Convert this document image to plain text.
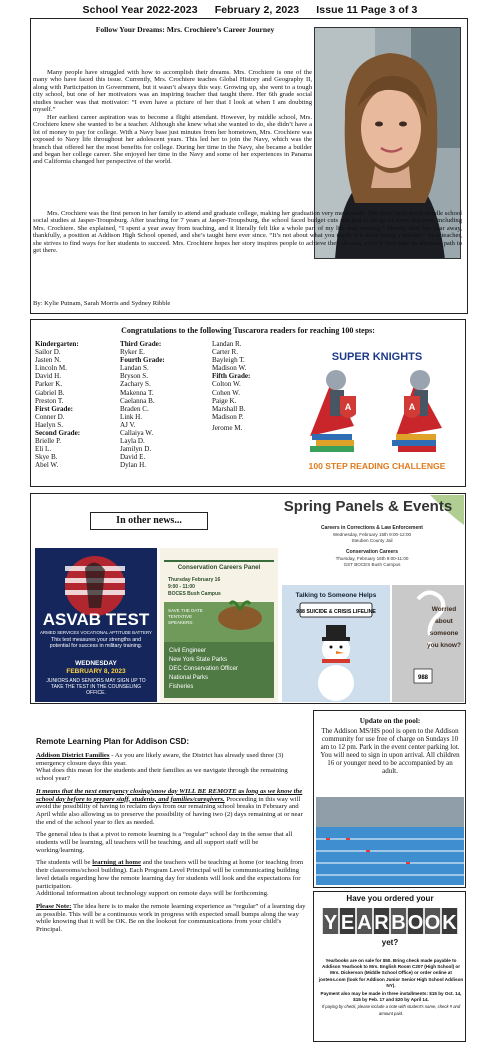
School Year 2022-2023 February 2, 2023 Issue 11 Page 3 of 3
Follow Your Dreams: Mrs. Crochiere’s Career Journey

Many people have struggled with how to accomplish their dreams. Mrs. Crochiere is one of the many who have faced this issue. Currently, Mrs. Crochiere teaches Global History and Geography II, along with Participation in Government, but it wasn’t always this way. Growing up, she went to a tough city school, but one of her motivators was an inspiring teacher that taught there. Her 6th grade social studies teacher was that motivator: “I even have a picture of her that I look at when I am doubting myself.”

Her earliest career aspiration was to become a flight attendant. However, by middle school, Mrs. Crochiere knew she wanted to be a teacher. Although she knew what she wanted to do, she didn’t have a lot of money to pay for college. With a Navy base just minutes from her hometown, Mrs. Crochiere was exposed to Navy life throughout her adolescent years. This led her to join the Navy, which was the branch that offered her the most benefits for college. During her time in the Navy, she became a builder and began her college career. She enjoyed her time in the Navy and some of her experiences in Panama and California changed her perspective of the world.

Mrs. Crochiere was the first person in her family to attend and graduate college, making her graduation very memorable. She went on to teach middle school social studies at Jasper-Troupsburg. After teaching for 7 years at Jasper-Troupsburg, the school faced budget cuts and had to let go of some teachers, including Mrs. Crochiere. She explained, “I spent a year away from teaching, and it literally felt like a whole part of my life was missing.” Shortly after her year away, thankfully, a position at Addison High School opened, and she’s taught here ever since. “It’s not about what you teach; it’s about being a teacher.” As a teacher, she strives to find ways for her students to succeed. Mrs. Crochiere hopes her story inspires people to achieve their dreams, even if they take an alternate path to get there.

By: Kylie Putnam, Sarah Morris and Sydney Ribble
Congratulations to the following Tuscarora readers for reaching 100 steps:
Kindergarten:
Sailor D.
Jasten N.
Lincoln M.
David H.
Parker K.
Gabriel B.
Preston T.
First Grade:
Conner D.
Haelyn S.
Second Grade:
Brielle P.
Eli L.
Skye B.
Abel W.
Third Grade:
Ryker E.
Fourth Grade:
Landan S.
Bryson S.
Zachary S.
Makenna T.
Caelanna B.
Braden C.
Link H.
AJ V.
Callaiya W.
Layla D.
Jamilyn D.
David E.
Dylan H.
Landan R.
Carter R.
Bayleigh T.
Madison W.
Fifth Grade:
Colton W.
Cohen W.
Paige K.
Marshall B.
Madison P.
Jerome M.
SUPER KNIGHTS
A	A
100 STEP READING CHALLENGE
In other news...
ASVAB TEST
ARMED SERVICES VOCATIONAL APTITUDE BATTERY
This test measures your strengths and potential for success in military training.
WEDNESDAY
FEBRUARY 8, 2023
JUNIORS AND SENIORS MAY SIGN UP TO TAKE THE TEST IN THE COUNSELING OFFICE.
Conservation Careers Panel
Thursday February 16
9:00 - 11:00
BOCES Bush Campus
SAVE THE DATE TENTATIVE SPEAKERS:
Civil Engineer
New York State Parks
DEC Conservation Officer
National Parks
Fisheries
Spring Panels & Events
Careers in Corrections & Law Enforcement
Wednesday, February 15th 9:00-12:00
Steuben County Jail
Conservation Careers
Thursday, February 16th 9:00-11:00
GST BOCES Bush Campus
Talking to Someone Helps
988 SUICIDE & CRISIS LIFELINE	Worried
about
someone
you know?
988
Remote Learning Plan for Addison CSD:

Addison District Families - As you are likely aware, the District has already used three (3) emergency closure days this year.
What does this mean for the students and their families as we navigate through the remaining school year?

It means that the next emergency closing/snow day WILL BE REMOTE as long as we know the school day before to prepare staff, students, and families/caregivers. Proceeding in this way will avoid the possibility of having to reclaim days from our remaining school breaks in February and April while also allowing us to preserve the possibility of having two (2) days remaining at or near the end of the school year to flex as needed.

The general idea is that a pivot to remote learning is a “regular” school day in the sense that all students will be learning, all teachers will be teaching, and all support staff will be working/learning.

The students will be learning at home and the teachers will be teaching at home (or teaching from their classrooms/school building). Each Program Level Principal will be communicating building level details regarding how the remote learning day for students will look and the expectations for participation.
Additional information about technology support on remote days will be forthcoming.

Please Note: The idea here is to make the remote learning experience as “regular” of a learning day as possible. This will be a continuous work in progress with expected small bumps along the way while knowing that it will be OK. Be on the lookout for communications from your child’s Principal.

Update on the pool:
The Addison MS/HS pool is open to the Addison community for use free of charge on Sundays 10 am to 12 pm. Park in the event center parking lot. You will need to sign in upon arrival. All children 16 or younger need to be accompanied by an adult.
Have you ordered your
Y E A R B O O K
yet?
Yearbooks are on sale for $50. Bring check made payable to Addison Yearbook to Mrs. English Room C207 (High School) or Mrs. Dickerson (Middle School Office) or order online at jostens.com (look for Addison Junior Senior High School Addison NY).
Payment also may be made in three installments: $15 by Oct. 14, $15 by Feb. 17 and $20 by April 14.
If paying by check, please include a note with student's name, check # and amount paid.
